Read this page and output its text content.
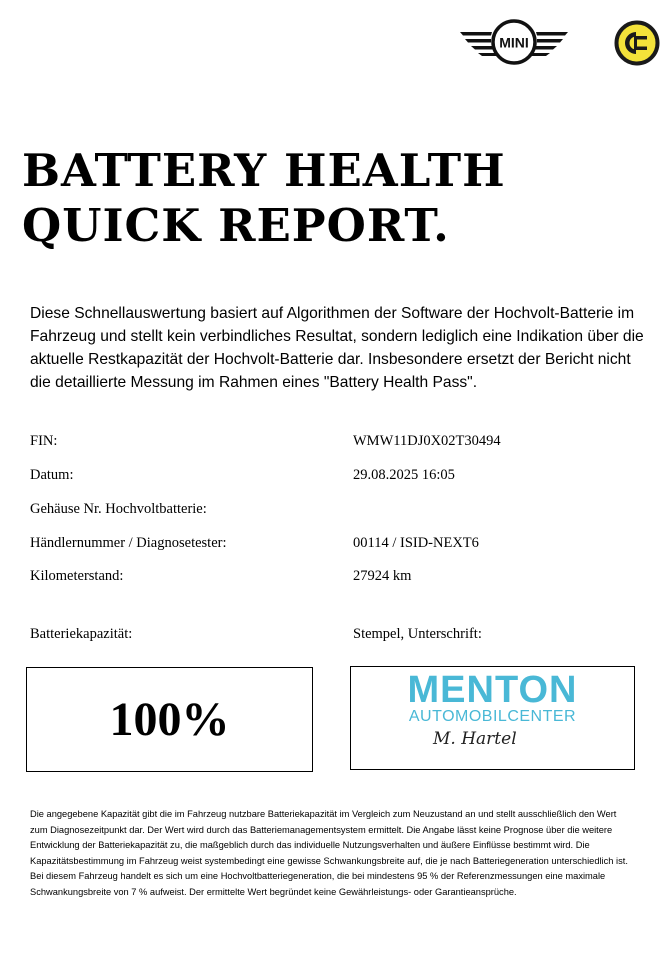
MINI
BATTERY HEALTH
QUICK REPORT.

Diese Schnellauswertung basiert auf Algorithmen der Software der Hochvolt-Batterie im Fahrzeug und stellt kein verbindliches Resultat, sondern lediglich eine Indikation über die aktuelle Restkapazität der Hochvolt-Batterie dar. Insbesondere ersetzt der Bericht nicht die detaillierte Messung im Rahmen eines "Battery Health Pass".

FIN:	WMW11DJ0X02T30494
Datum:	29.08.2025 16:05
Gehäuse Nr. Hochvoltbatterie:
Händlernummer / Diagnosetester:	00114 / ISID-NEXT6
Kilometerstand:	27924 km
Batteriekapazität:	Stempel, Unterschrift:
100%
MENTON
AUTOMOBILCENTER
M. Hartel

Die angegebene Kapazität gibt die im Fahrzeug nutzbare Batteriekapazität im Vergleich zum Neuzustand an und stellt ausschließlich den Wert zum Diagnosezeitpunkt dar. Der Wert wird durch das Batteriemanagementsystem ermittelt. Die Angabe lässt keine Prognose über die weitere Entwicklung der Batteriekapazität zu, die maßgeblich durch das individuelle Nutzungsverhalten und äußere Einflüsse bestimmt wird. Die Kapazitätsbestimmung im Fahrzeug weist systembedingt eine gewisse Schwankungsbreite auf, die je nach Batteriegeneration unterschiedlich ist. Bei diesem Fahrzeug handelt es sich um eine Hochvoltbatteriegeneration, die bei mindestens 95 % der Referenzmessungen eine maximale Schwankungsbreite von 7 % aufweist. Der ermittelte Wert begründet keine Gewährleistungs- oder Garantieansprüche.
